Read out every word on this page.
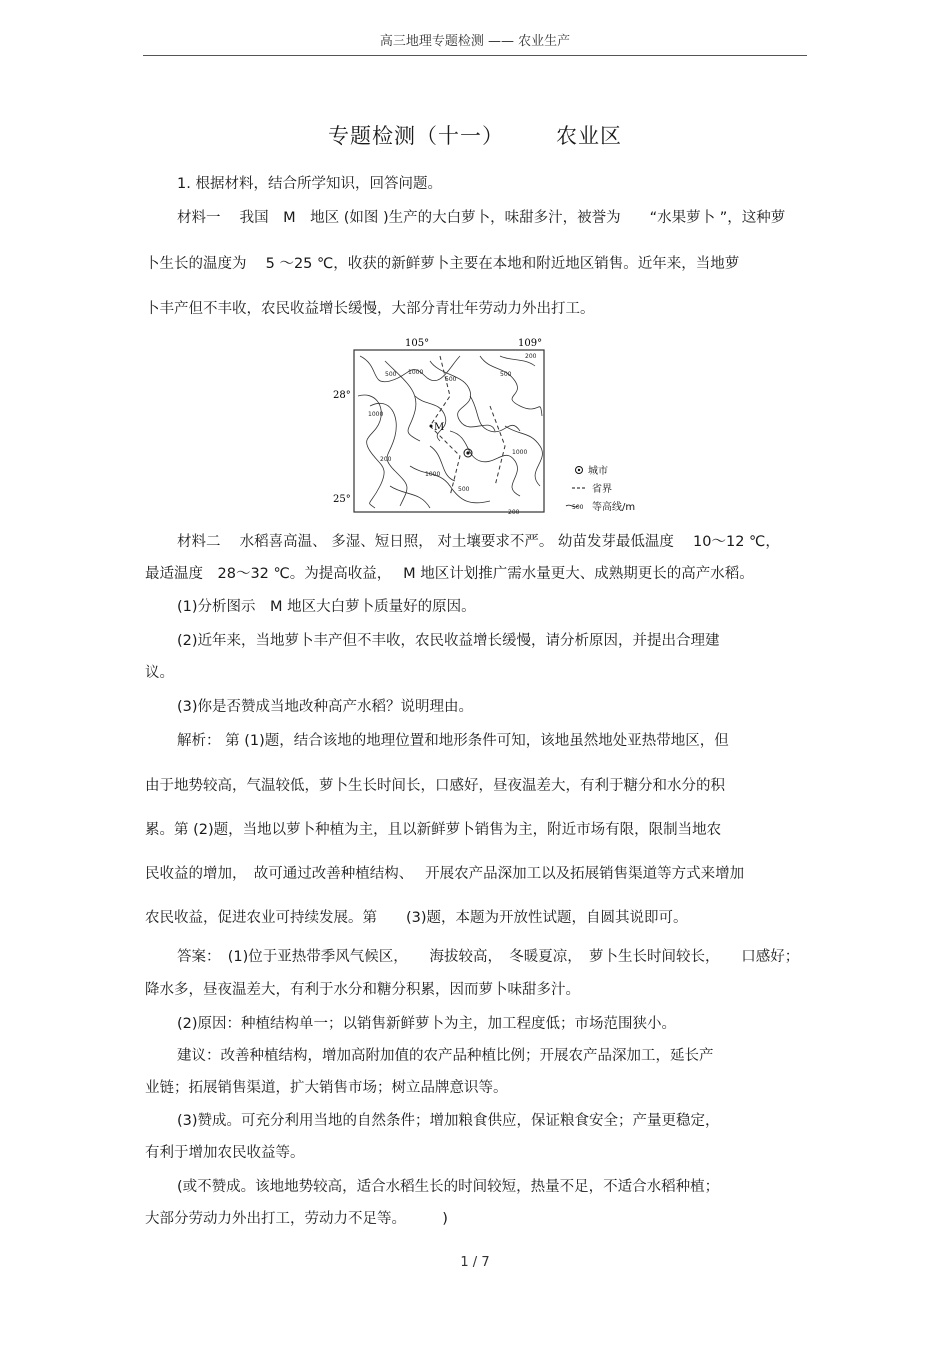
高三地理专题检测 —— 农业生产
专题检测（十一） 农业区
1. 根据材料，结合所学知识，回答问题。
材料一　 我国　M　地区 (如图 )生产的大白萝卜，味甜多汁，被誉为　　“水果萝卜 ”，这种萝
卜生长的温度为　 5 ～25 ℃，收获的新鲜萝卜主要在本地和附近地区销售。近年来，当地萝
卜丰产但不丰收，农民收益增长缓慢，大部分青壮年劳动力外出打工。
M
105°	109°
28°
25°
500 1000
500
1000
500
1000
1000
200
500
200
200
城市
省界
500 等高线/m
材料二　 水稻喜高温、 多湿、短日照， 对土壤要求不严。 幼苗发芽最低温度　 10～12 ℃，
最适温度　28～32 ℃。为提高收益，　 M 地区计划推广需水量更大、成熟期更长的高产水稻。
(1)分析图示　M 地区大白萝卜质量好的原因。
(2)近年来，当地萝卜丰产但不丰收，农民收益增长缓慢，请分析原因，并提出合理建
议。
(3)你是否赞成当地改种高产水稻？说明理由。
解析： 第 (1)题，结合该地的地理位置和地形条件可知，该地虽然地处亚热带地区，但
由于地势较高，气温较低，萝卜生长时间长，口感好，昼夜温差大，有利于糖分和水分的积
累。第 (2)题，当地以萝卜种植为主，且以新鲜萝卜销售为主，附近市场有限，限制当地农
民收益的增加，　故可通过改善种植结构、　 开展农产品深加工以及拓展销售渠道等方式来增加
农民收益，促进农业可持续发展。第　　(3)题，本题为开放性试题，自圆其说即可。
答案：　(1)位于亚热带季风气候区，　　海拔较高，　冬暖夏凉，　萝卜生长时间较长，　　口感好；
降水多，昼夜温差大，有利于水分和糖分积累，因而萝卜味甜多汁。
(2)原因：种植结构单一；以销售新鲜萝卜为主，加工程度低；市场范围狭小。
建议：改善种植结构，增加高附加值的农产品种植比例；开展农产品深加工，延长产
业链；拓展销售渠道，扩大销售市场；树立品牌意识等。
(3)赞成。可充分利用当地的自然条件；增加粮食供应，保证粮食安全；产量更稳定，
有利于增加农民收益等。
(或不赞成。该地地势较高，适合水稻生长的时间较短，热量不足，不适合水稻种植；
大部分劳动力外出打工，劳动力不足等。　　　)
1 / 7
